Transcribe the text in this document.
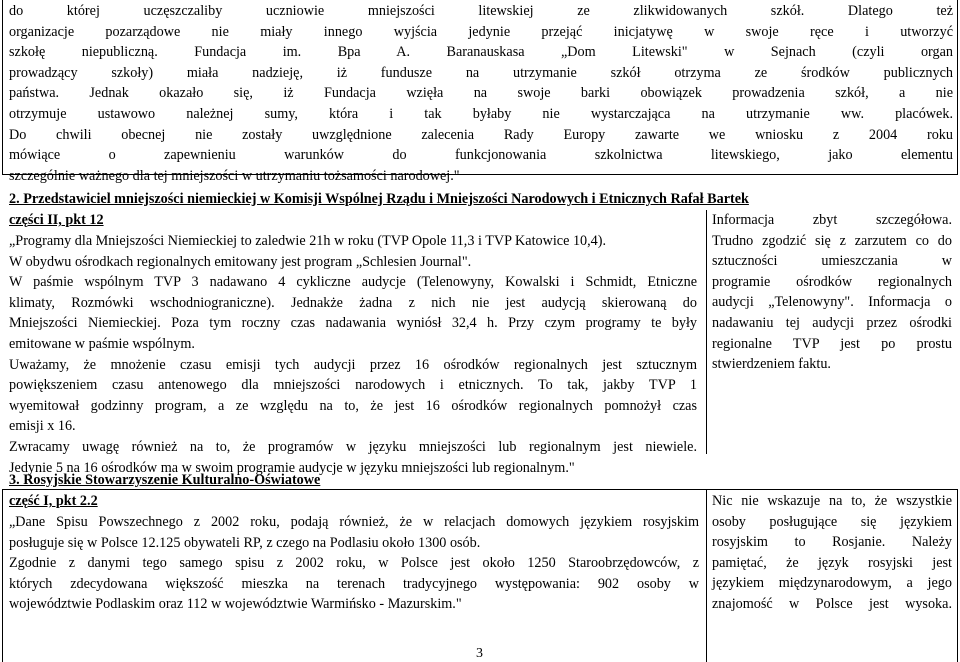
do której uczęszczaliby uczniowie mniejszości litewskiej ze zlikwidowanych szkół. Dlatego też
organizacje pozarządowe nie miały innego wyjścia jedynie przejąć inicjatywę w swoje ręce i utworzyć
szkołę niepubliczną. Fundacja im. Bpa A. Baranauskasa „Dom Litewski" w Sejnach (czyli organ
prowadzący szkoły) miała nadzieję, iż fundusze na utrzymanie szkół otrzyma ze środków publicznych
państwa. Jednak okazało się, iż Fundacja wzięła na swoje barki obowiązek prowadzenia szkół, a nie
otrzymuje ustawowo należnej sumy, która i tak byłaby nie wystarczająca na utrzymanie ww. placówek.
Do chwili obecnej nie zostały uwzględnione zalecenia Rady Europy zawarte we wniosku z 2004 roku
mówiące o zapewnieniu warunków do funkcjonowania szkolnictwa litewskiego, jako elementu
szczególnie ważnego dla tej mniejszości w utrzymaniu tożsamości narodowej."
2. Przedstawiciel mniejszości niemieckiej w Komisji Wspólnej Rządu i Mniejszości Narodowych i Etnicznych Rafał Bartek
części II, pkt 12
„Programy dla Mniejszości Niemieckiej to zaledwie 21h w roku (TVP Opole 11,3 i TVP Katowice 10,4).
W obydwu ośrodkach regionalnych emitowany jest program „Schlesien Journal".
W paśmie wspólnym TVP 3 nadawano 4 cykliczne audycje (Telenowyny, Kowalski i Schmidt, Etniczne
klimaty, Rozmówki wschodniograniczne). Jednakże żadna z nich nie jest audycją skierowaną do
Mniejszości Niemieckiej. Poza tym roczny czas nadawania wyniósł 32,4 h. Przy czym programy te były
emitowane w paśmie wspólnym.
Uważamy, że mnożenie czasu emisji tych audycji przez 16 ośrodków regionalnych jest sztucznym
powiększeniem czasu antenowego dla mniejszości narodowych i etnicznych. To tak, jakby TVP 1
wyemitował godzinny program, a ze względu na to, że jest 16 ośrodków regionalnych pomnożył czas
emisji x 16.
Zwracamy uwagę również na to, że programów w języku mniejszości lub regionalnym jest niewiele.
Jedynie 5 na 16 ośrodków ma w swoim programie audycje w języku mniejszości lub regionalnym."
Informacja zbyt szczegółowa.
Trudno zgodzić się z zarzutem co do
sztuczności umieszczania w
programie ośrodków regionalnych
audycji „Telenowyny". Informacja o
nadawaniu tej audycji przez ośrodki
regionalne TVP jest po prostu
stwierdzeniem faktu.
3. Rosyjskie Stowarzyszenie Kulturalno-Oświatowe
część I, pkt 2.2
„Dane Spisu Powszechnego z 2002 roku, podają również, że w relacjach domowych językiem rosyjskim
posługuje się w Polsce 12.125 obywateli RP, z czego na Podlasiu około 1300 osób.
Zgodnie z danymi tego samego spisu z 2002 roku, w Polsce jest około 1250 Staroobrzędowców, z
których zdecydowana większość mieszka na terenach tradycyjnego występowania: 902 osoby w
województwie Podlaskim oraz 112 w województwie Warmińsko - Mazurskim."
Nic nie wskazuje na to, że wszystkie
osoby posługujące się językiem
rosyjskim to Rosjanie. Należy
pamiętać, że język rosyjski jest
językiem międzynarodowym, a jego
znajomość w Polsce jest wysoka.
3
